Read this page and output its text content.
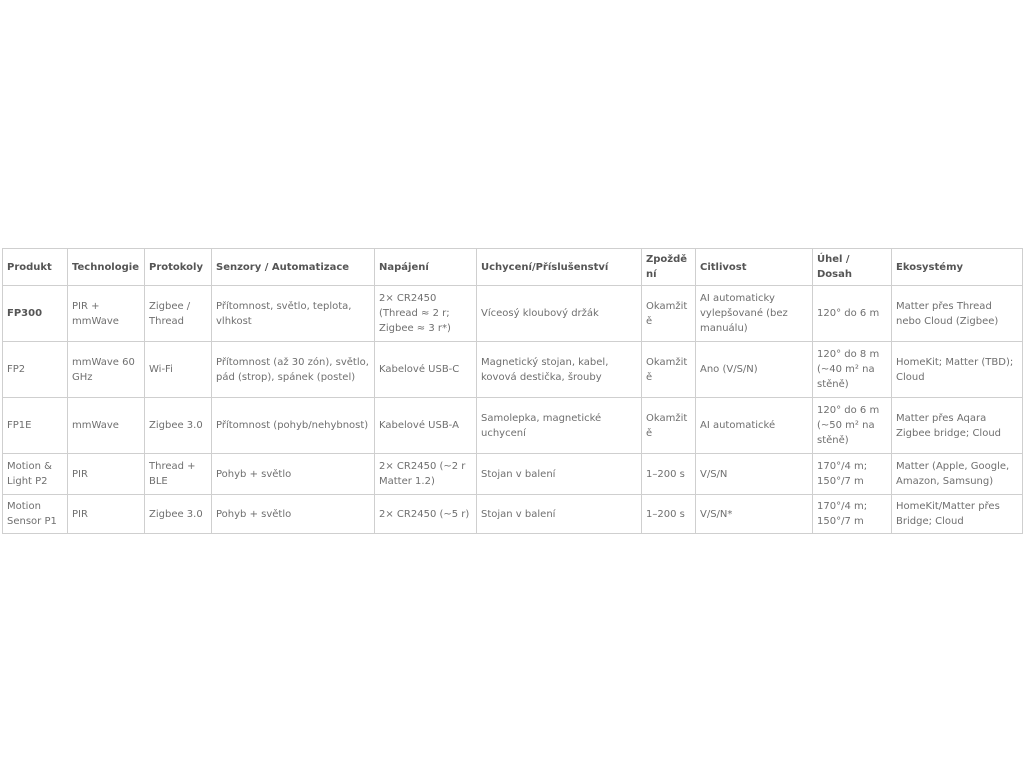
Produkt	Technologie	Protokoly	Senzory / Automatizace	Napájení	Uchycení/Příslušenství	Zpoždění	Citlivost	Úhel / Dosah	Ekosystémy
FP300	PIR + mmWave	Zigbee / Thread	Přítomnost, světlo, teplota, vlhkost	2× CR2450 (Thread ≈ 2 r; Zigbee ≈ 3 r*)	Víceosý kloubový držák	Okamžitě	AI automaticky vylepšované (bez manuálu)	120° do 6 m	Matter přes Thread nebo Cloud (Zigbee)
FP2	mmWave 60 GHz	Wi-Fi	Přítomnost (až 30 zón), světlo, pád (strop), spánek (postel)	Kabelové USB-C	Magnetický stojan, kabel, kovová destička, šrouby	Okamžitě	Ano (V/S/N)	120° do 8 m (~40 m² na stěně)	HomeKit; Matter (TBD); Cloud
FP1E	mmWave	Zigbee 3.0	Přítomnost (pohyb/nehybnost)	Kabelové USB-A	Samolepka, magnetické uchycení	Okamžitě	AI automatické	120° do 6 m (~50 m² na stěně)	Matter přes Aqara Zigbee bridge; Cloud
Motion & Light P2	PIR	Thread + BLE	Pohyb + světlo	2× CR2450 (~2 r Matter 1.2)	Stojan v balení	1–200 s	V/S/N	170°/4 m; 150°/7 m	Matter (Apple, Google, Amazon, Samsung)
Motion Sensor P1	PIR	Zigbee 3.0	Pohyb + světlo	2× CR2450 (~5 r)	Stojan v balení	1–200 s	V/S/N*	170°/4 m; 150°/7 m	HomeKit/Matter přes Bridge; Cloud
